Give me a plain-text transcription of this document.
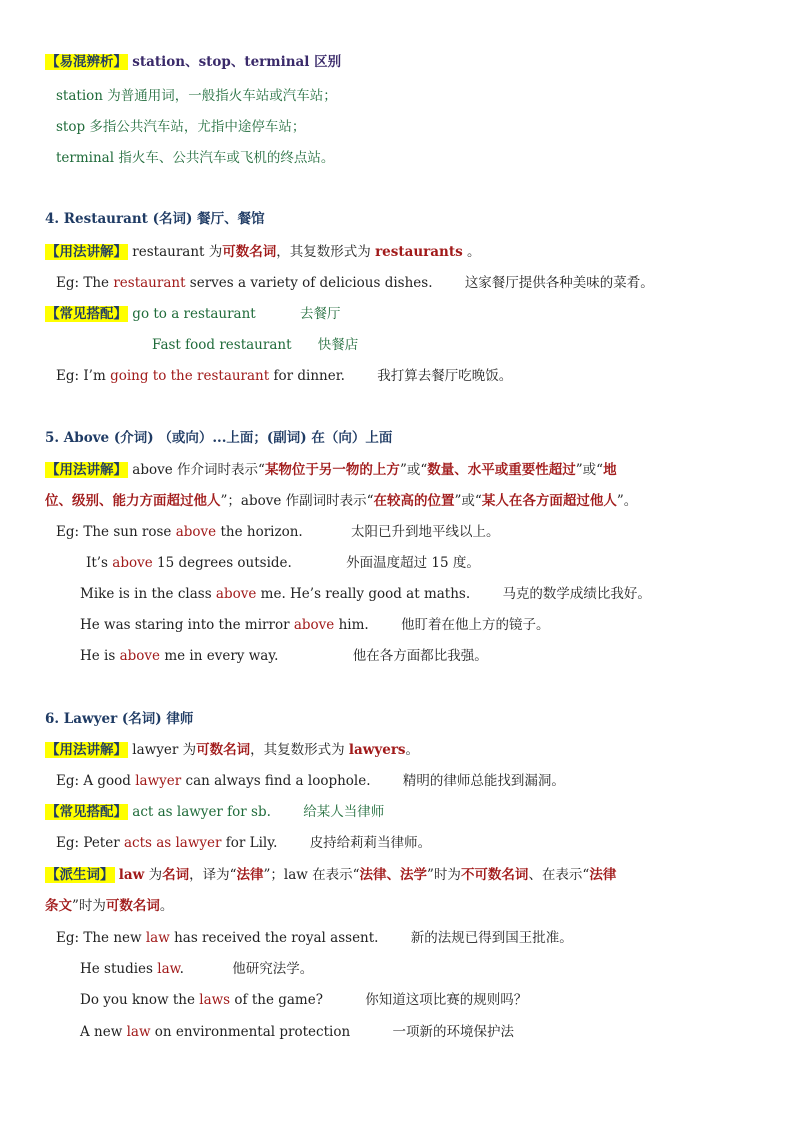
【易混辨析】 station、stop、terminal 区别
station 为普通用词，一般指火车站或汽车站；
stop 多指公共汽车站，尤指中途停车站；
terminal 指火车、公共汽车或飞机的终点站。
4. Restaurant (名词) 餐厅、餐馆
【用法讲解】 restaurant 为可数名词，其复数形式为 restaurants 。
Eg: The restaurant serves a variety of delicious dishes. 这家餐厅提供各种美味的菜肴。
【常见搭配】 go to a restaurant	去餐厅
Fast food restaurant 快餐店
Eg: I’m going to the restaurant for dinner. 我打算去餐厅吃晚饭。
5. Above (介词) （或向）...上面；(副词) 在（向）上面
【用法讲解】 above 作介词时表示“某物位于另一物的上方”或“数量、水平或重要性超过”或“地
位、级别、能力方面超过他人”；above 作副词时表示“在较高的位置”或“某人在各方面超过他人”。
Eg: The sun rose above the horizon.	太阳已升到地平线以上。
It’s above 15 degrees outside.	外面温度超过 15 度。
Mike is in the class above me. He’s really good at maths. 马克的数学成绩比我好。
He was staring into the mirror above him. 他盯着在他上方的镜子。
He is above me in every way.	他在各方面都比我强。
6. Lawyer (名词) 律师
【用法讲解】 lawyer 为可数名词，其复数形式为 lawyers。
Eg: A good lawyer can always find a loophole. 精明的律师总能找到漏洞。
【常见搭配】 act as lawyer for sb. 给某人当律师
Eg: Peter acts as lawyer for Lily. 皮持给莉莉当律师。
【派生词】 law 为名词，译为“法律”；law 在表示“法律、法学”时为不可数名词、在表示“法律
条文”时为可数名词。
Eg: The new law has received the royal assent. 新的法规已得到国王批准。
He studies law.	他研究法学。
Do you know the laws of the game?	你知道这项比赛的规则吗？
A new law on environmental protection	一项新的环境保护法
